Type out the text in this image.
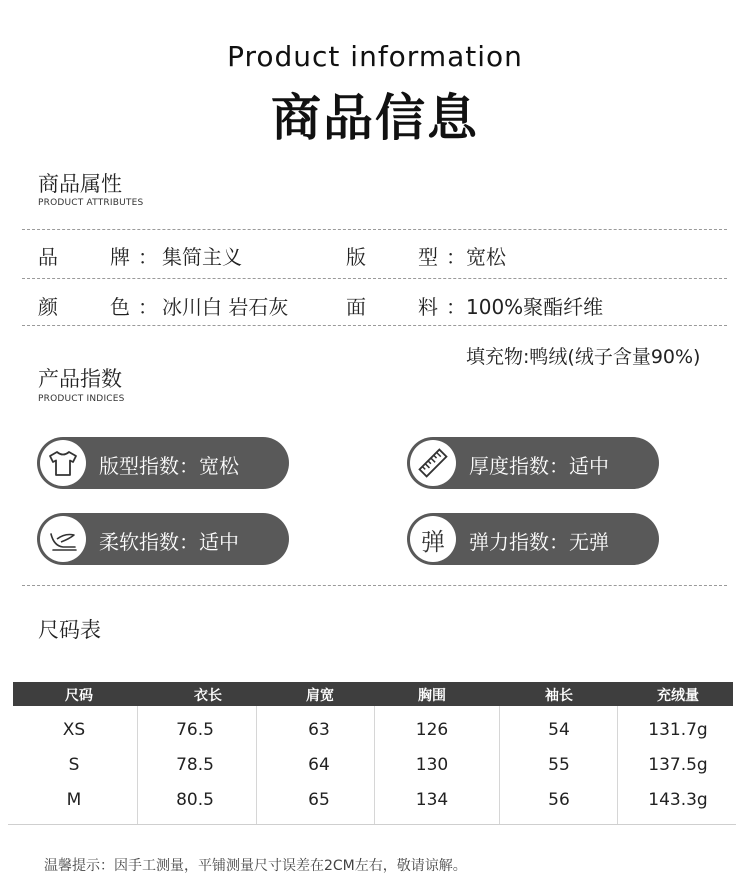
Product information
商品信息
商品属性
PRODUCT ATTRIBUTES
品	牌 ： 集简主义	版	型 ： 宽松
颜	色 ： 冰川白 岩石灰	面	料 ： 100%聚酯纤维
填充物:鸭绒(绒子含量90%)
产品指数
PRODUCT INDICES
版型指数：宽松	厚度指数：适中
柔软指数：适中	弹 弹力指数：无弹
尺码表
尺码	衣长	肩宽	胸围	袖长	充绒量
XS	76.5	63	126	54	131.7g
S	78.5	64	130	55	137.5g
M	80.5	65	134	56	143.3g
温馨提示：因手工测量，平铺测量尺寸误差在2CM左右，敬请谅解。
